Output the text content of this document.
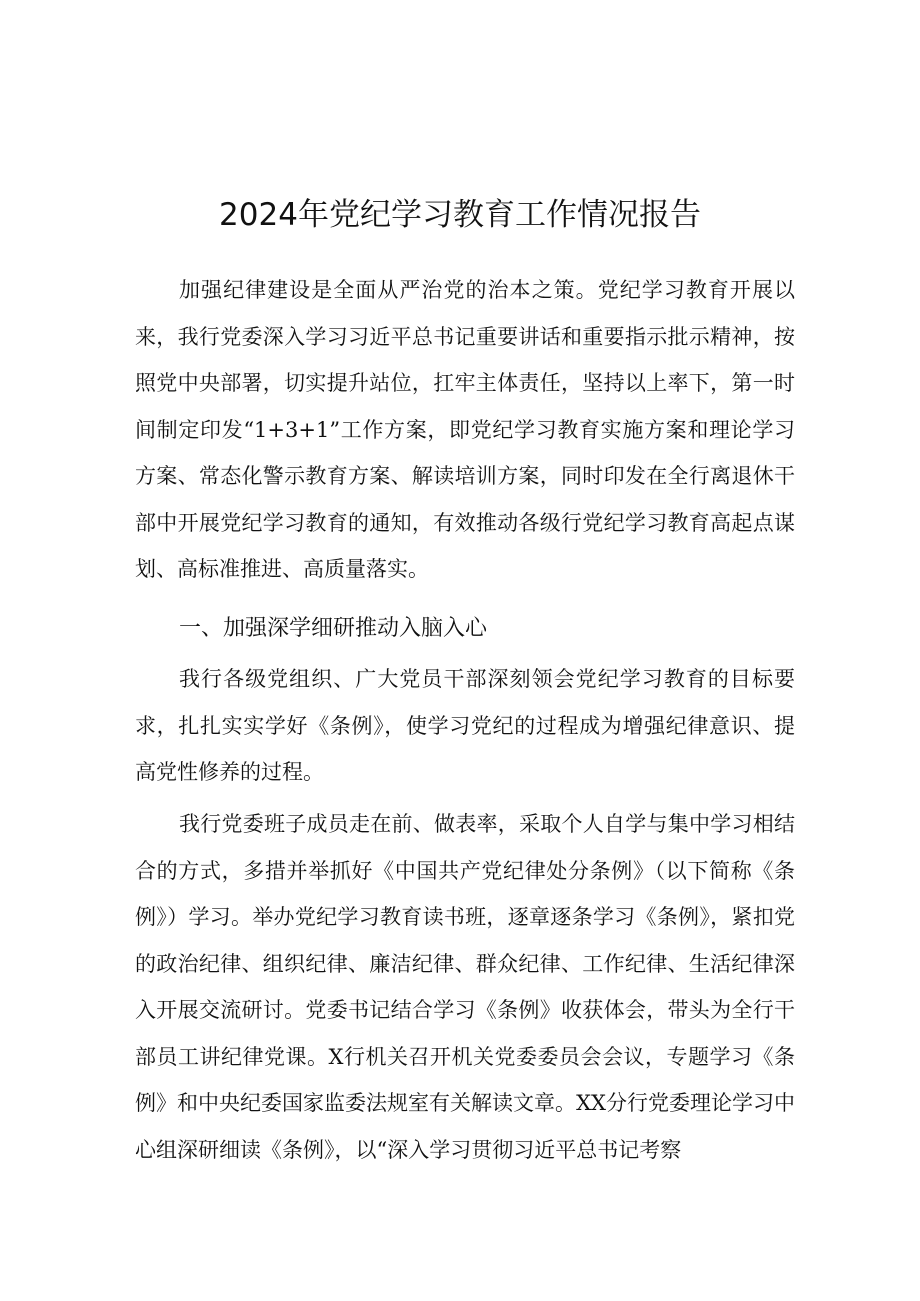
2024年党纪学习教育工作情况报告

加强纪律建设是全面从严治党的治本之策。党纪学习教育开展以来，我行党委深入学习习近平总书记重要讲话和重要指示批示精神，按照党中央部署，切实提升站位，扛牢主体责任，坚持以上率下，第一时间制定印发“1+3+1”工作方案，即党纪学习教育实施方案和理论学习方案、常态化警示教育方案、解读培训方案，同时印发在全行离退休干部中开展党纪学习教育的通知，有效推动各级行党纪学习教育高起点谋划、高标准推进、高质量落实。

一、加强深学细研推动入脑入心

我行各级党组织、广大党员干部深刻领会党纪学习教育的目标要求，扎扎实实学好《条例》，使学习党纪的过程成为增强纪律意识、提高党性修养的过程。

我行党委班子成员走在前、做表率，采取个人自学与集中学习相结合的方式，多措并举抓好《中国共产党纪律处分条例》（以下简称《条例》）学习。举办党纪学习教育读书班，逐章逐条学习《条例》，紧扣党的政治纪律、组织纪律、廉洁纪律、群众纪律、工作纪律、生活纪律深入开展交流研讨。党委书记结合学习《条例》收获体会，带头为全行干部员工讲纪律党课。X行机关召开机关党委委员会会议，专题学习《条例》和中央纪委国家监委法规室有关解读文章。XX分行党委理论学习中心组深研细读《条例》，以“深入学习贯彻习近平总书记考察
